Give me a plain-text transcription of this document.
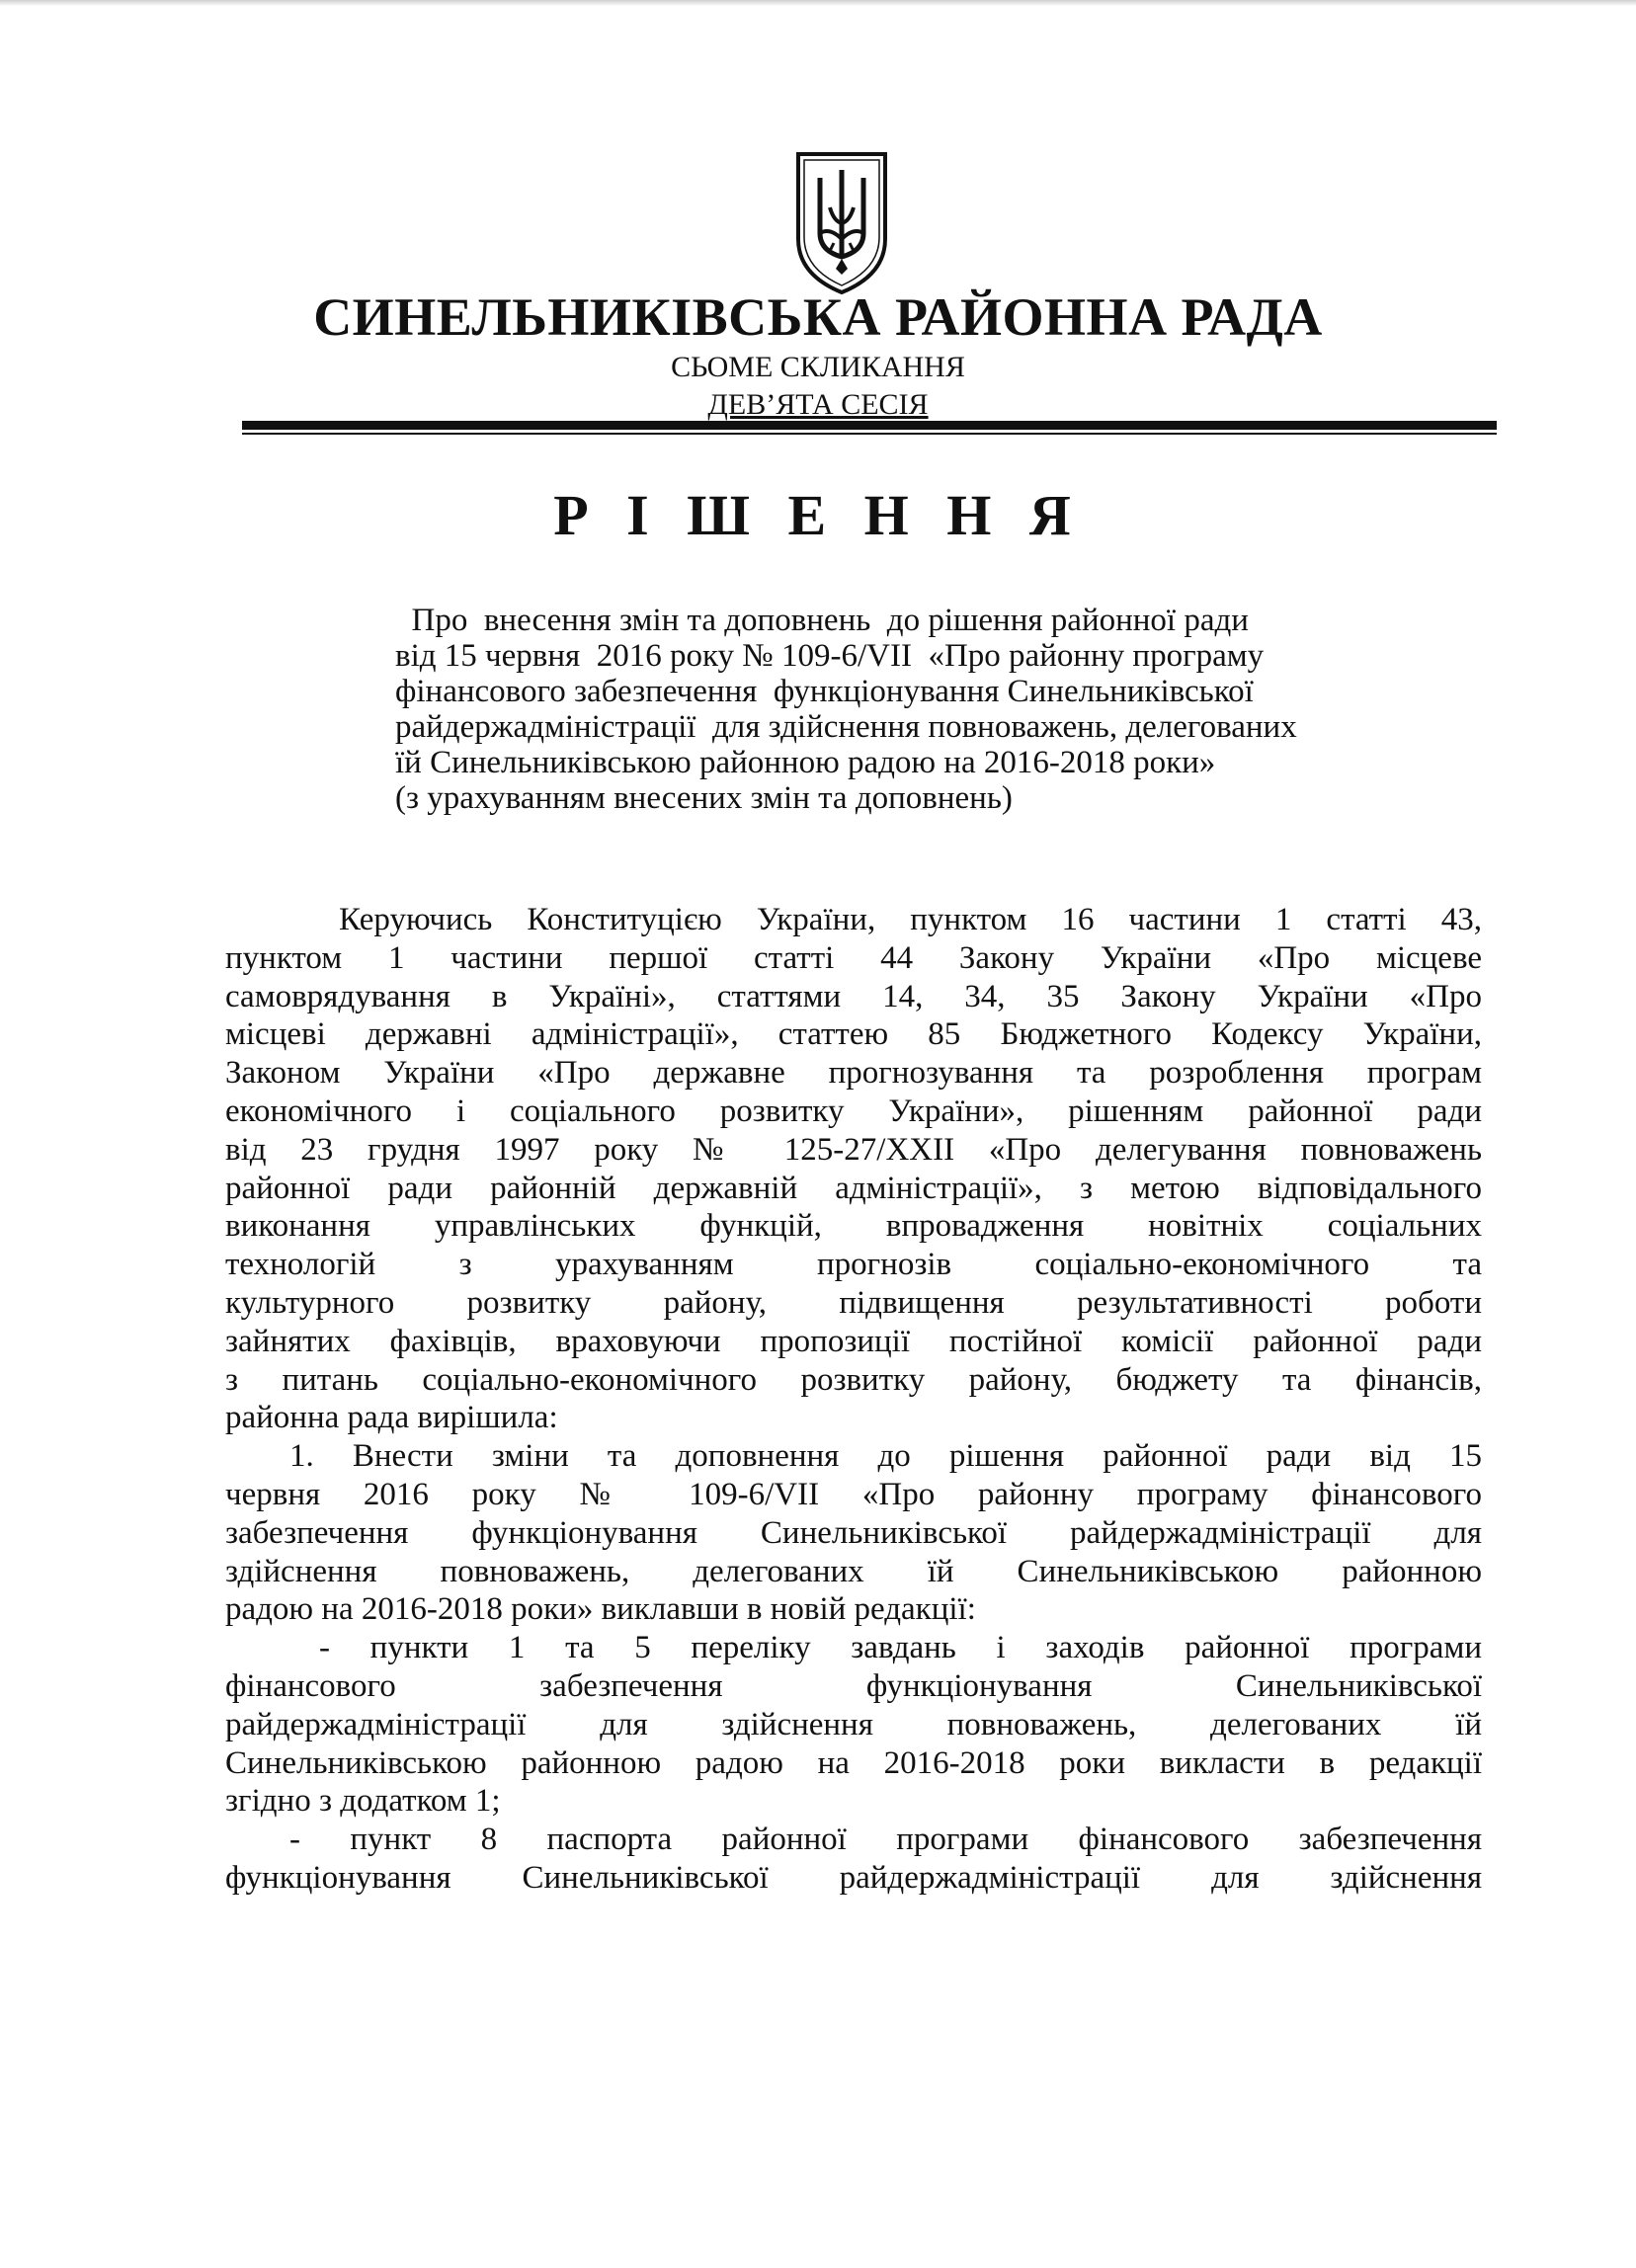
СИНЕЛЬНИКІВСЬКА РАЙОННА РАДА
СЬОМЕ СКЛИКАННЯ
ДЕВ’ЯТА СЕСІЯ
Р І Ш Е Н Н Я
Про  внесення змін та доповнень  до рішення районної ради
від 15 червня  2016 року № 109-6/VII  «Про районну програму
фінансового забезпечення  функціонування Синельниківської
райдержадміністрації  для здійснення повноважень, делегованих
їй Синельниківською районною радою на 2016-2018 роки»
(з урахуванням внесених змін та доповнень)
Керуючись Конституцією України, пунктом 16 частини 1 статті 43,
пунктом 1 частини першої статті 44 Закону України «Про місцеве
самоврядування в Україні», статтями 14, 34, 35 Закону України «Про
місцеві державні адміністрації», статтею 85 Бюджетного Кодексу України,
Законом України «Про державне прогнозування та розроблення програм
економічного і соціального розвитку України», рішенням районної ради
від 23 грудня 1997 року № 125-27/XXII «Про делегування повноважень
районної ради районній державній адміністрації», з метою відповідального
виконання управлінських функцій, впровадження новітніх соціальних
технологій з урахуванням прогнозів соціально-економічного та
культурного розвитку району, підвищення результативності роботи
зайнятих фахівців, враховуючи пропозиції постійної комісії районної ради
з питань соціально-економічного розвитку району, бюджету та фінансів,
районна рада вирішила:
1. Внести зміни та доповнення до рішення районної ради від 15
червня 2016 року № 109-6/VII «Про районну програму фінансового
забезпечення функціонування Синельниківської райдержадміністрації для
здійснення повноважень, делегованих їй Синельниківською районною
радою на 2016-2018 роки» виклавши в новій редакції:
- пункти 1 та 5 переліку завдань і заходів районної програми
фінансового забезпечення функціонування Синельниківської
райдержадміністрації для здійснення повноважень, делегованих їй
Синельниківською районною радою на 2016-2018 роки викласти в редакції
згідно з додатком 1;
- пункт 8 паспорта районної програми фінансового забезпечення
функціонування Синельниківської райдержадміністрації для здійснення
